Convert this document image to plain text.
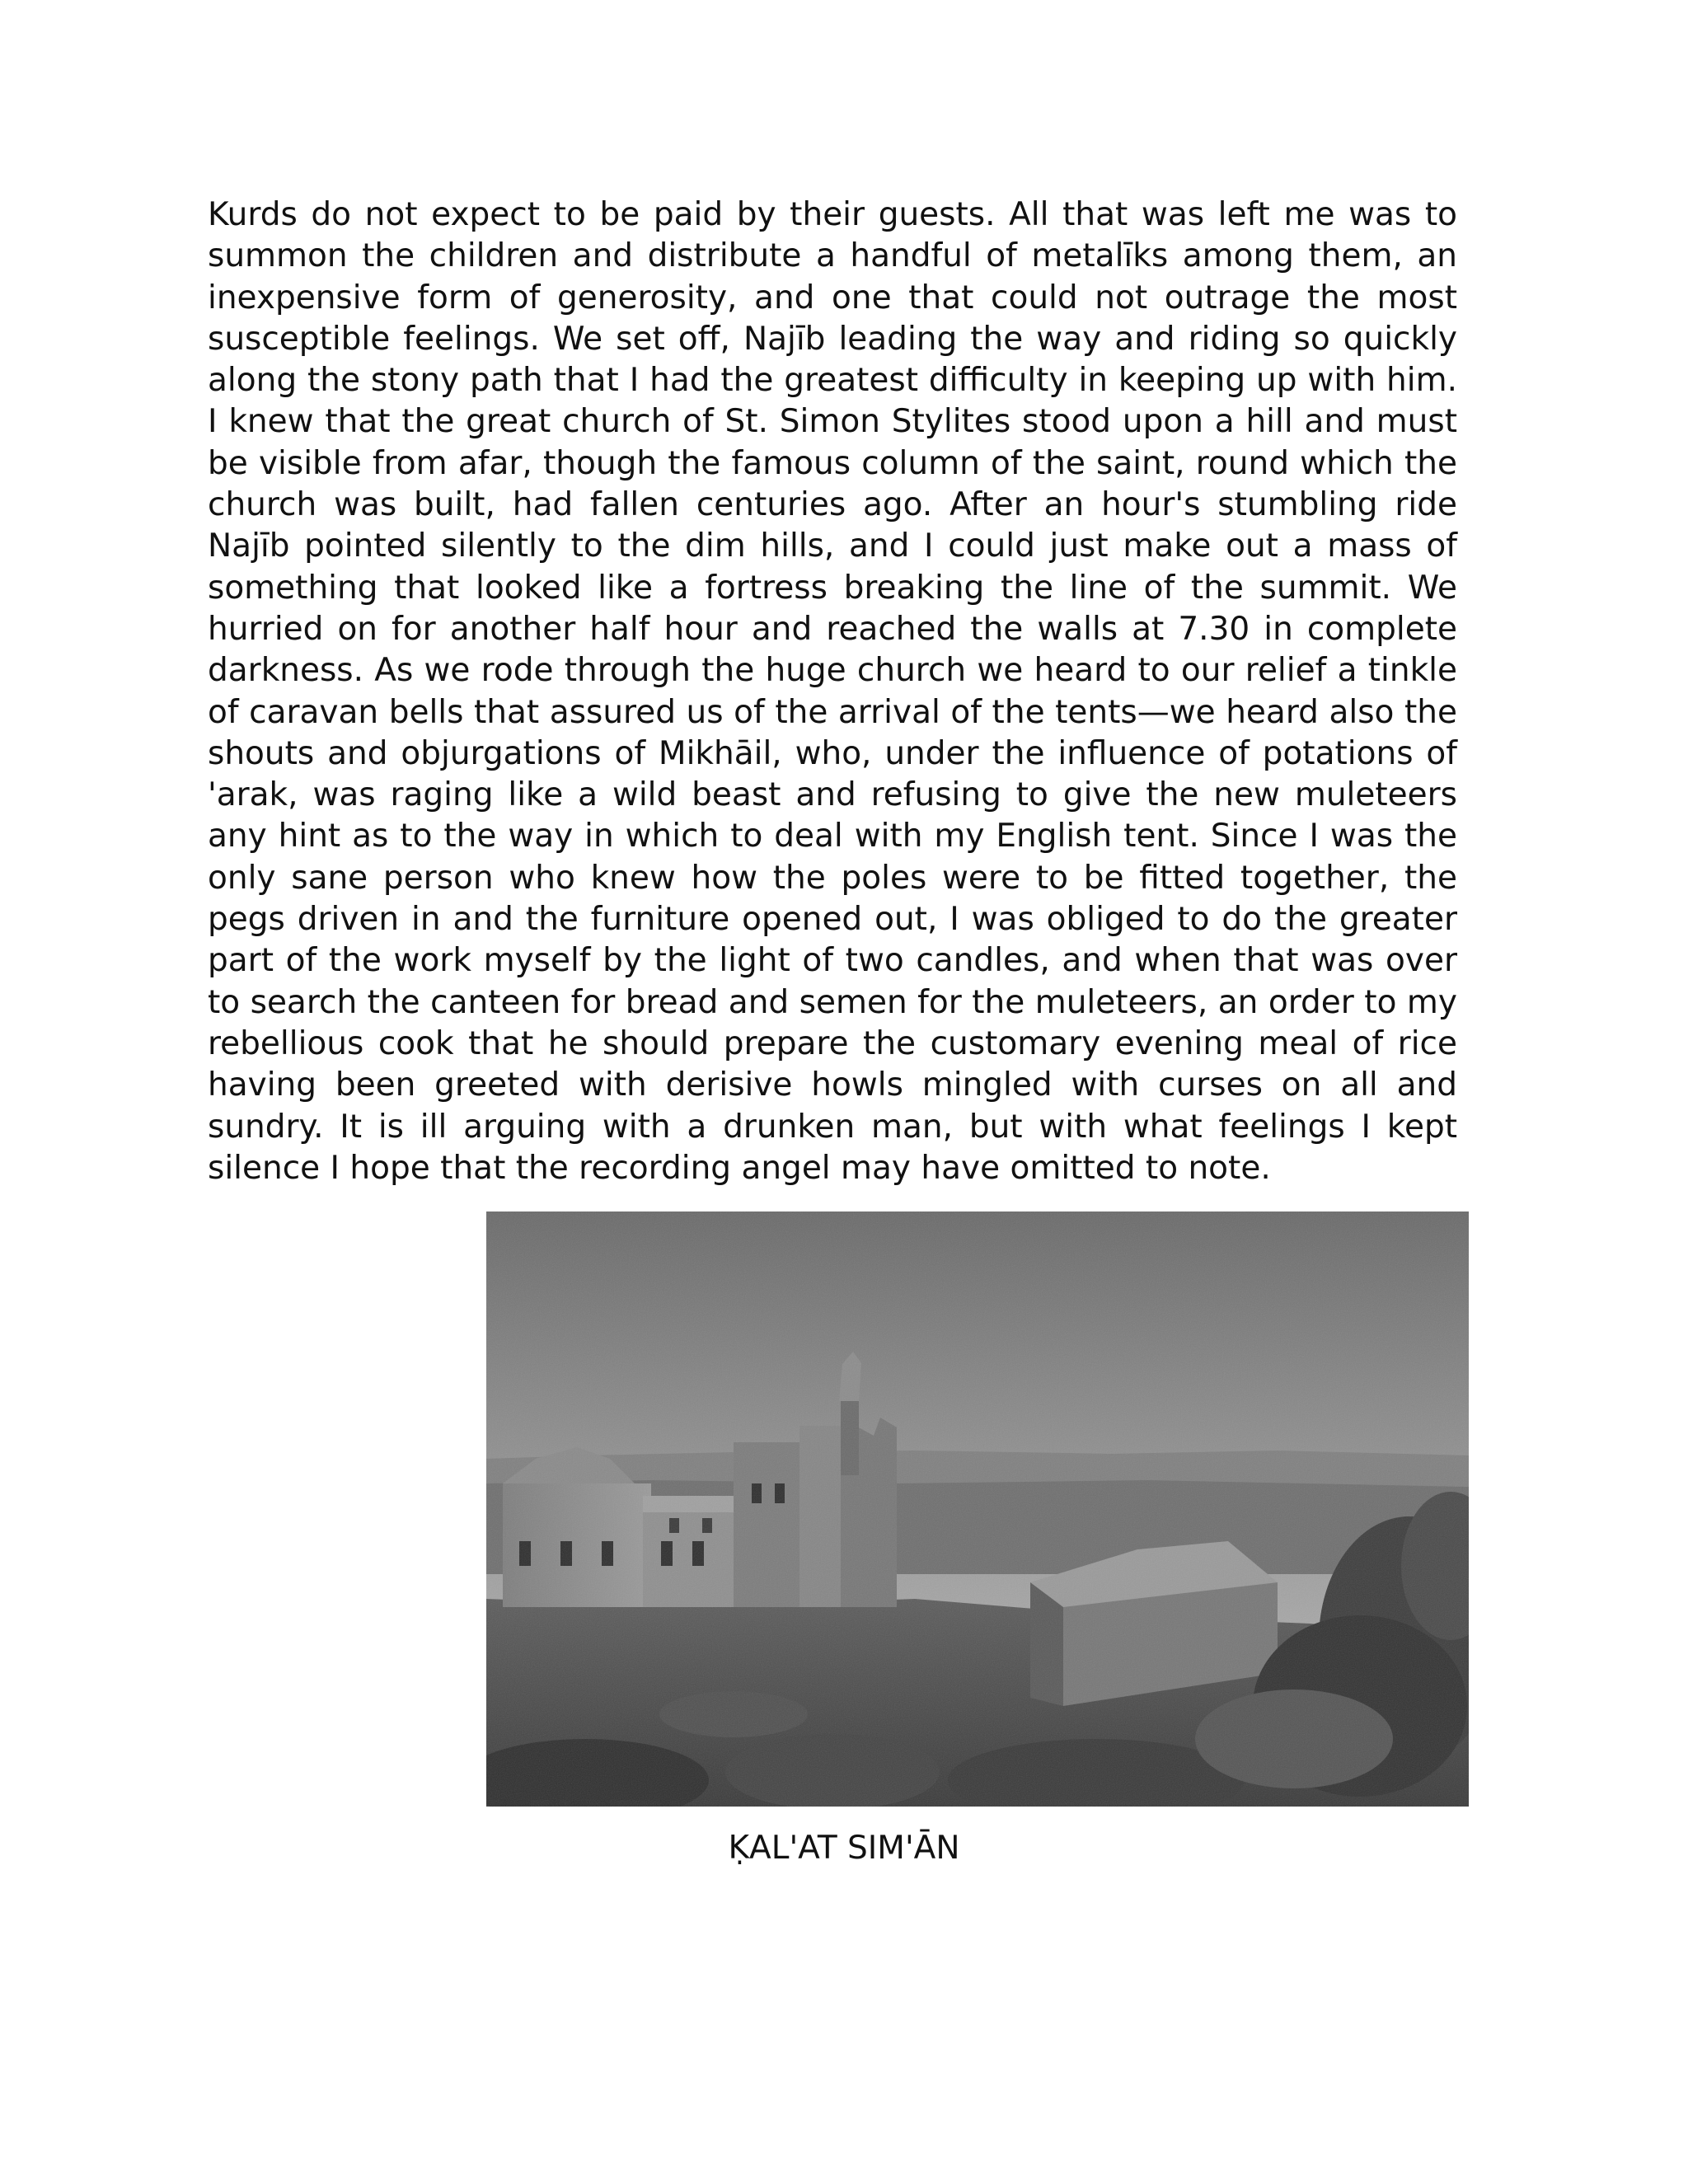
Kurds do not expect to be paid by their guests. All that was left me was to summon the children and distribute a handful of metalīks among them, an inexpensive form of generosity, and one that could not outrage the most susceptible feelings. We set off, Najīb leading the way and riding so quickly along the stony path that I had the greatest difficulty in keeping up with him. I knew that the great church of St. Simon Stylites stood upon a hill and must be visible from afar, though the famous column of the saint, round which the church was built, had fallen centuries ago. After an hour's stumbling ride Najīb pointed silently to the dim hills, and I could just make out a mass of something that looked like a fortress breaking the line of the summit. We hurried on for another half hour and reached the walls at 7.30 in complete darkness. As we rode through the huge church we heard to our relief a tinkle of caravan bells that assured us of the arrival of the tents—we heard also the shouts and objurgations of Mikhāil, who, under the influence of potations of 'arak, was raging like a wild beast and refusing to give the new muleteers any hint as to the way in which to deal with my English tent. Since I was the only sane person who knew how the poles were to be fitted together, the pegs driven in and the furniture opened out, I was obliged to do the greater part of the work myself by the light of two candles, and when that was over to search the canteen for bread and semen for the muleteers, an order to my rebellious cook that he should prepare the customary evening meal of rice having been greeted with derisive howls mingled with curses on all and sundry. It is ill arguing with a drunken man, but with what feelings I kept silence I hope that the recording angel may have omitted to note.

ḲAL'AT SIM'ĀN
